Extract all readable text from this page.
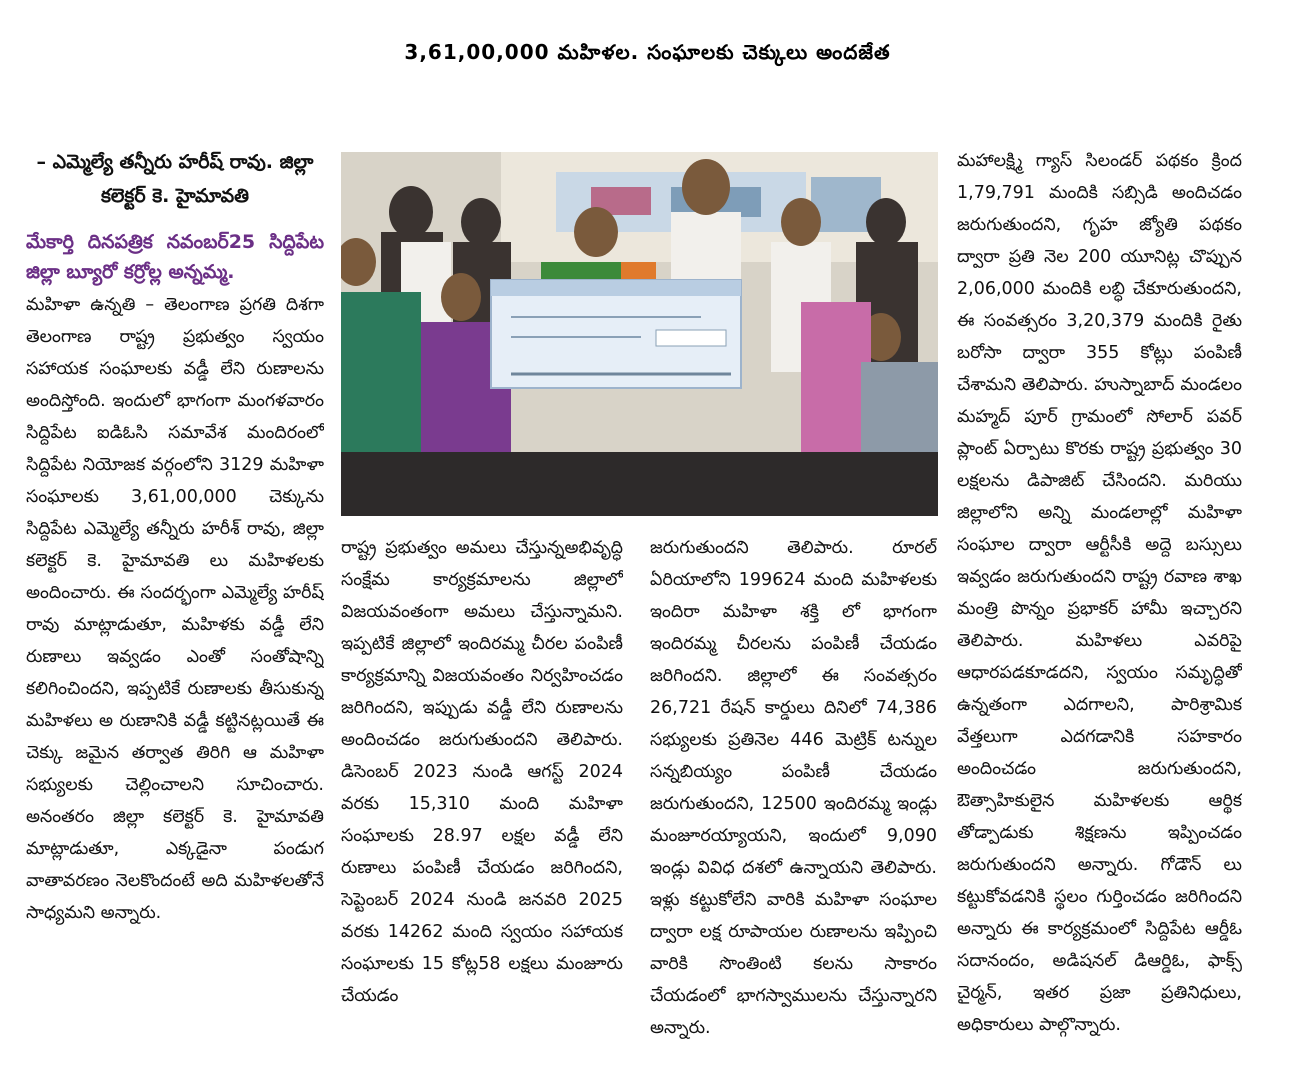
3,61,00,000 మహిళల. సంఘాలకు చెక్కులు అందజేత
– ఎమ్మెల్యే తన్నీరు హరీష్ రావు. జిల్లా కలెక్టర్ కె. హైమావతి
మేకార్తి దినపత్రిక నవంబర్25 సిద్దిపేట జిల్లా బ్యూరో కర్రోల్ల అన్నమ్మ.

మహిళా ఉన్నతి – తెలంగాణ ప్రగతి దిశగా తెలంగాణ రాష్ట్ర ప్రభుత్వం స్వయం సహాయక సంఘాలకు వడ్డీ లేని రుణాలను అందిస్తోంది. ఇందులో భాగంగా మంగళవారం సిద్దిపేట ఐడిఓసి సమావేశ మందిరంలో సిద్దిపేట నియోజక వర్గంలోని 3129 మహిళా సంఘాలకు 3,61,00,000 చెక్కును సిద్దిపేట ఎమ్మెల్యే తన్నీరు హరీశ్ రావు, జిల్లా కలెక్టర్ కె. హైమావతి లు మహిళలకు అందించారు. ఈ సందర్భంగా ఎమ్మెల్యే హరీష్ రావు మాట్లాడుతూ, మహిళకు వడ్డీ లేని రుణాలు ఇవ్వడం ఎంతో సంతోషాన్ని కలిగించిందని, ఇప్పటికే రుణాలకు తీసుకున్న మహిళలు అ రుణానికి వడ్డీ కట్టినట్లయితే ఈ చెక్కు జమైన తర్వాత తిరిగి ఆ మహిళా సభ్యులకు చెల్లించాలని సూచించారు. అనంతరం జిల్లా కలెక్టర్ కె. హైమావతి మాట్లాడుతూ, ఎక్కడైనా పండుగ వాతావరణం నెలకొందంటే అది మహిళలతోనే సాధ్యమని అన్నారు.

రాష్ట్ర ప్రభుత్వం అమలు చేస్తున్నఅభివృద్ధి సంక్షేమ కార్యక్రమాలను జిల్లాలో విజయవంతంగా అమలు చేస్తున్నామని. ఇప్పటికే జిల్లాలో ఇందిరమ్మ చీరల పంపిణీ కార్యక్రమాన్ని విజయవంతం నిర్వహించడం జరిగిందని, ఇప్పుడు వడ్డీ లేని రుణాలను అందించడం జరుగుతుందని తెలిపారు. డిసెంబర్ 2023 నుండి ఆగస్ట్ 2024 వరకు 15,310 మంది మహిళా సంఘాలకు 28.97 లక్షల వడ్డీ లేని రుణాలు పంపిణీ చేయడం జరిగిందని, సెప్టెంబర్ 2024 నుండి జనవరి 2025 వరకు 14262 మంది స్వయం సహాయక సంఘాలకు 15 కోట్ల58 లక్షలు మంజూరు చేయడం

జరుగుతుందని తెలిపారు. రూరల్ ఏరియాలోని 199624 మంది మహిళలకు ఇందిరా మహిళా శక్తి లో భాగంగా ఇందిరమ్మ చీరలను పంపిణీ చేయడం జరిగిందని. జిల్లాలో ఈ సంవత్సరం 26,721 రేషన్ కార్డులు దినిలో 74,386 సభ్యులకు ప్రతినెల 446 మెట్రిక్ టన్నుల సన్నబియ్యం పంపిణీ చేయడం జరుగుతుందని, 12500 ఇందిరమ్మ ఇండ్లు మంజూరయ్యాయని, ఇందులో 9,090 ఇండ్లు వివిధ దశలో ఉన్నాయని తెలిపారు. ఇళ్లు కట్టుకోలేని వారికి మహిళా సంఘాల ద్వారా లక్ష రూపాయల రుణాలను ఇప్పించి వారికి సొంతింటి కలను సాకారం చేయడంలో భాగస్వాములను చేస్తున్నారని అన్నారు.

మహాలక్ష్మి గ్యాస్ సిలండర్ పథకం క్రింద 1,79,791 మందికి సబ్సిడి అందిచడం జరుగుతుందని, గృహ జ్యోతి పథకం ద్వారా ప్రతి నెల 200 యూనిట్ల చొప్పున 2,06,000 మందికి లబ్ధి చేకూరుతుందని, ఈ సంవత్సరం 3,20,379 మందికి రైతు బరోసా ద్వారా 355 కోట్లు పంపిణీ చేశామని తెలిపారు. హుస్నాబాద్ మండలం మహ్మద్ పూర్ గ్రామంలో సోలార్ పవర్ ప్లాంట్ ఏర్పాటు కొరకు రాష్ట్ర ప్రభుత్వం 30 లక్షలను డిపాజిట్ చేసిందని. మరియు జిల్లాలోని అన్ని మండలాల్లో మహిళా సంఘాల ద్వారా ఆర్టీసీకి అద్దె బస్సులు ఇవ్వడం జరుగుతుందని రాష్ట్ర రవాణ శాఖ మంత్రి పొన్నం ప్రభాకర్ హామీ ఇచ్చారని తెలిపారు. మహిళలు ఎవరిపై ఆధారపడకూడదని, స్వయం సమృద్ధితో ఉన్నతంగా ఎదగాలని, పారిశ్రామిక వేత్తలుగా ఎదగడానికి సహకారం అందించడం జరుగుతుందని, ఔత్సాహికులైన మహిళలకు ఆర్థిక తోడ్పాడుకు శిక్షణను ఇప్పించడం జరుగుతుందని అన్నారు. గోడౌన్ లు కట్టుకోవడనికి స్థలం గుర్తించడం జరిగిందని అన్నారు ఈ కార్యక్రమంలో సిద్దిపేట ఆర్డీఓ సదానందం, అడిషనల్ డిఆర్డిఓ, ఫాక్స్ చైర్మన్, ఇతర ప్రజా ప్రతినిధులు, అధికారులు పాల్గొన్నారు.
